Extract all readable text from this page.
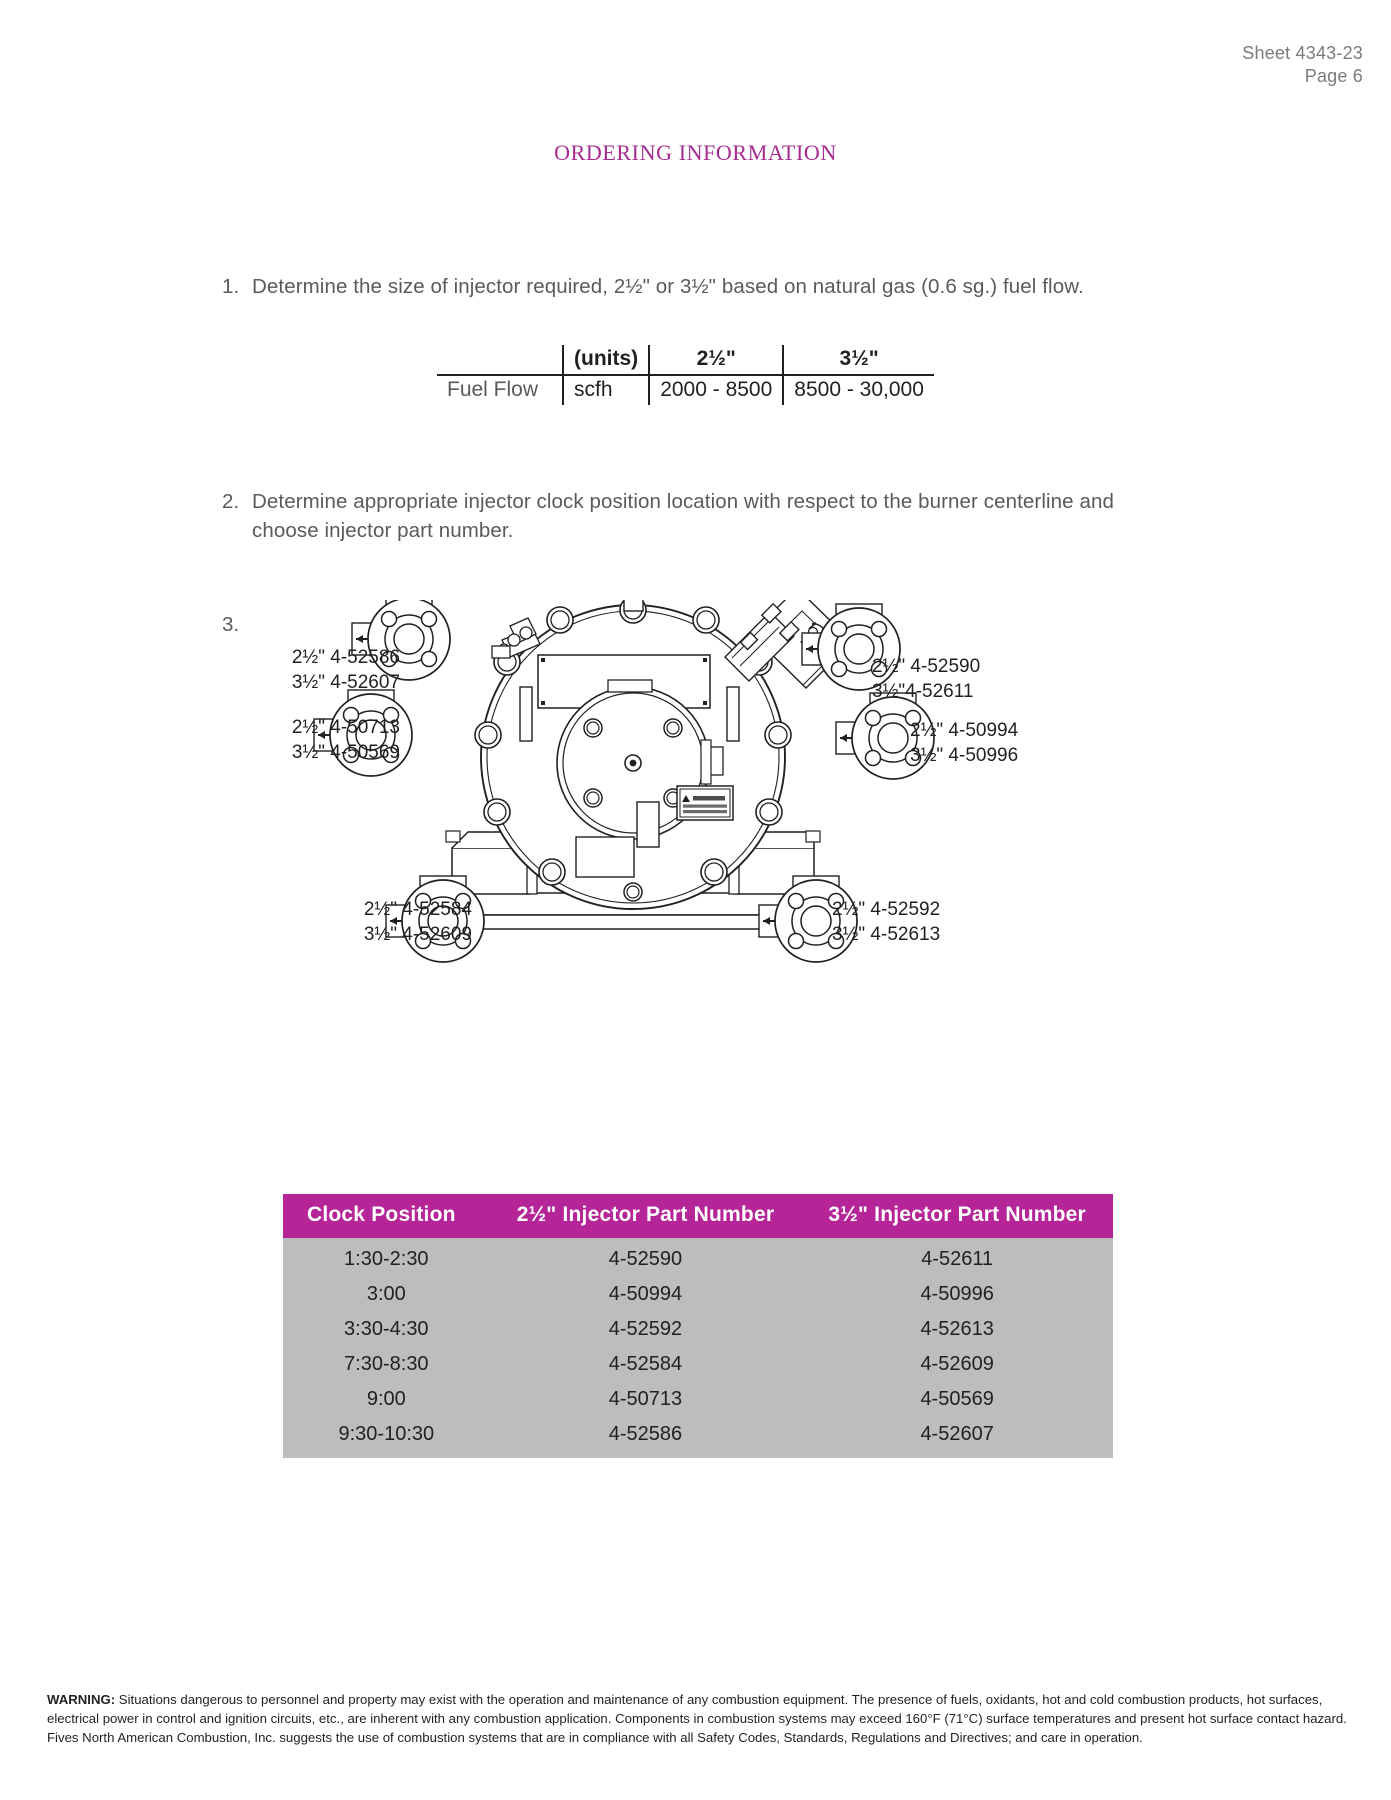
Sheet 4343-23
Page 6
ORDERING INFORMATION
1. Determine the size of injector required, 2½" or 3½" based on natural gas (0.6 sg.) fuel flow.
	(units)	2½"	3½"
Fuel Flow	scfh	2000 - 8500	8500 - 30,000
2. Determine appropriate injector clock position location with respect to the burner centerline and choose injector part number.
3.
2½" 4-52586
3½" 4-52607
2½" 4-52590
3½"4-52611
2½" 4-50713
3½" 4-50569
2½" 4-50994
3½" 4-50996
2½" 4-52584
3½" 4-52609
2½" 4-52592
3½" 4-52613
Clock Position	2½" Injector Part Number	3½" Injector Part Number
1:30-2:30	4-52590	4-52611
3:00	4-50994	4-50996
3:30-4:30	4-52592	4-52613
7:30-8:30	4-52584	4-52609
9:00	4-50713	4-50569
9:30-10:30	4-52586	4-52607
WARNING: Situations dangerous to personnel and property may exist with the operation and maintenance of any combustion equipment. The presence of fuels, oxidants, hot and cold combustion products, hot surfaces, electrical power in control and ignition circuits, etc., are inherent with any combustion application. Components in combustion systems may exceed 160°F (71°C) surface temperatures and present hot surface contact hazard. Fives North American Combustion, Inc. suggests the use of combustion systems that are in compliance with all Safety Codes, Standards, Regulations and Directives; and care in operation.
